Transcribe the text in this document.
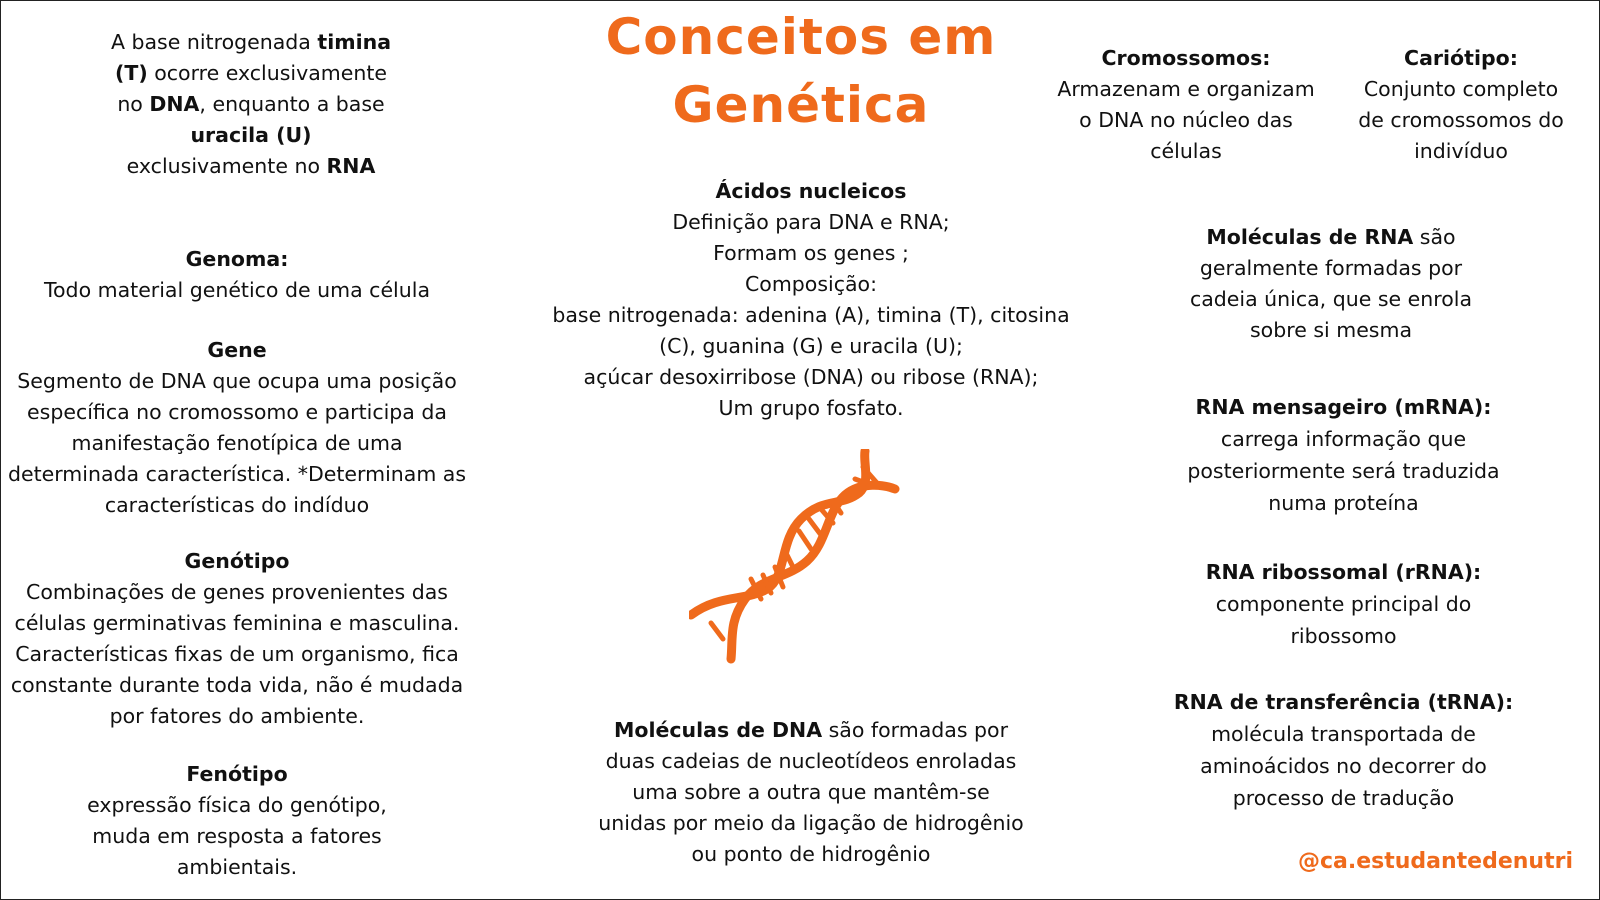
Conceitos em
Genética
A base nitrogenada timina
(T) ocorre exclusivamente
no DNA, enquanto a base
uracila (U)
exclusivamente no RNA
Genoma:
Todo material genético de uma célula
Gene
Segmento de DNA que ocupa uma posição
específica no cromossomo e participa da
manifestação fenotípica de uma
determinada característica. *Determinam as
características do indíduo
Genótipo
Combinações de genes provenientes das
células germinativas feminina e masculina.
Características fixas de um organismo, fica
constante durante toda vida, não é mudada
por fatores do ambiente.
Fenótipo
expressão física do genótipo,
muda em resposta a fatores
ambientais.
Ácidos nucleicos
Definição para DNA e RNA;
Formam os genes ;
Composição:
base nitrogenada: adenina (A), timina (T), citosina
(C), guanina (G) e uracila (U);
açúcar desoxirribose (DNA) ou ribose (RNA);
Um grupo fosfato.
Moléculas de DNA são formadas por
duas cadeias de nucleotídeos enroladas
uma sobre a outra que mantêm-se
unidas por meio da ligação de hidrogênio
ou ponto de hidrogênio
Cromossomos:
Armazenam e organizam
o DNA no núcleo das
células
Cariótipo:
Conjunto completo
de cromossomos do
indivíduo
Moléculas de RNA são
geralmente formadas por
cadeia única, que se enrola
sobre si mesma
RNA mensageiro (mRNA):
carrega informação que
posteriormente será traduzida
numa proteína
RNA ribossomal (rRNA):
componente principal do
ribossomo
RNA de transferência (tRNA):
molécula transportada de
aminoácidos no decorrer do
processo de tradução
@ca.estudantedenutri
